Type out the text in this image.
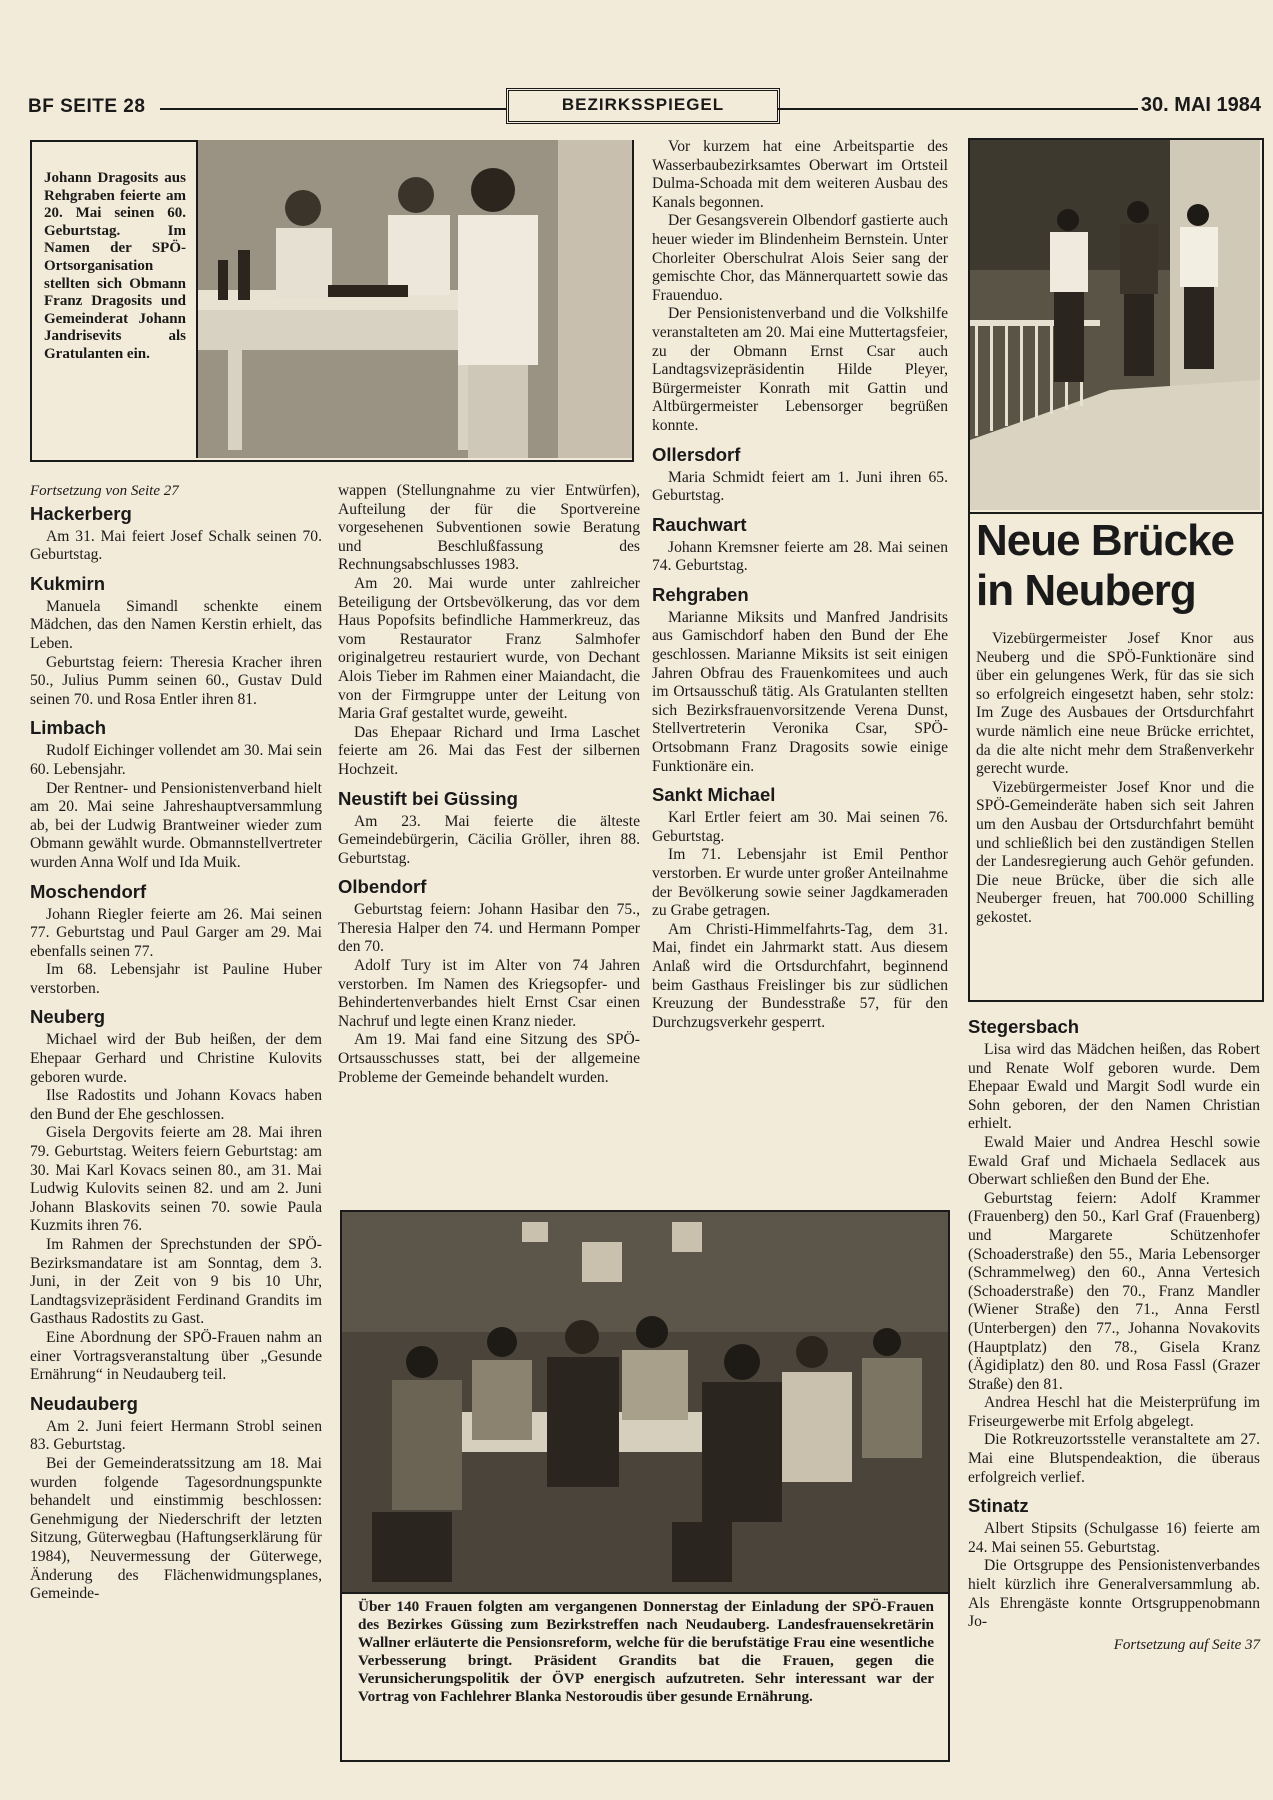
BF SEITE 28	BEZIRKSSPIEGEL	30. MAI 1984
Johann Dragosits aus Rehgraben feierte am 20. Mai seinen 60. Geburtstag. Im Namen der SPÖ-Ortsorganisation stellten sich Obmann Franz Dragosits und Gemeinderat Johann Jandrisevits als Gratulanten ein.

Fortsetzung von Seite 27

Hackerberg

Am 31. Mai feiert Josef Schalk seinen 70. Geburtstag.

Kukmirn

Manuela Simandl schenkte einem Mädchen, das den Namen Kerstin erhielt, das Leben.

Geburtstag feiern: Theresia Kracher ihren 50., Julius Pumm seinen 60., Gustav Duld seinen 70. und Rosa Entler ihren 81.

Limbach

Rudolf Eichinger vollendet am 30. Mai sein 60. Lebensjahr.

Der Rentner- und Pensionistenverband hielt am 20. Mai seine Jahreshauptversammlung ab, bei der Ludwig Brantweiner wieder zum Obmann gewählt wurde. Obmannstellvertreter wurden Anna Wolf und Ida Muik.

Moschendorf

Johann Riegler feierte am 26. Mai seinen 77. Geburtstag und Paul Garger am 29. Mai ebenfalls seinen 77.

Im 68. Lebensjahr ist Pauline Huber verstorben.

Neuberg

Michael wird der Bub heißen, der dem Ehepaar Gerhard und Christine Kulovits geboren wurde.

Ilse Radostits und Johann Kovacs haben den Bund der Ehe geschlossen.

Gisela Dergovits feierte am 28. Mai ihren 79. Geburtstag. Weiters feiern Geburtstag: am 30. Mai Karl Kovacs seinen 80., am 31. Mai Ludwig Kulovits seinen 82. und am 2. Juni Johann Blaskovits seinen 70. sowie Paula Kuzmits ihren 76.

Im Rahmen der Sprechstunden der SPÖ-Bezirksmandatare ist am Sonntag, dem 3. Juni, in der Zeit von 9 bis 10 Uhr, Landtagsvizepräsident Ferdinand Grandits im Gasthaus Radostits zu Gast.

Eine Abordnung der SPÖ-Frauen nahm an einer Vortragsveranstaltung über „Gesunde Ernährung“ in Neudauberg teil.

Neudauberg

Am 2. Juni feiert Hermann Strobl seinen 83. Geburtstag.

Bei der Gemeinderatssitzung am 18. Mai wurden folgende Tagesordnungspunkte behandelt und einstimmig beschlossen: Genehmigung der Niederschrift der letzten Sitzung, Güterwegbau (Haftungserklärung für 1984), Neuvermessung der Güterwege, Änderung des Flächenwidmungsplanes, Gemeinde-

wappen (Stellungnahme zu vier Entwürfen), Aufteilung der für die Sportvereine vorgesehenen Subventionen sowie Beratung und Beschlußfassung des Rechnungsabschlusses 1983.

Am 20. Mai wurde unter zahlreicher Beteiligung der Ortsbevölkerung, das vor dem Haus Popofsits befindliche Hammerkreuz, das vom Restaurator Franz Salmhofer originalgetreu restauriert wurde, von Dechant Alois Tieber im Rahmen einer Maiandacht, die von der Firmgruppe unter der Leitung von Maria Graf gestaltet wurde, geweiht.

Das Ehepaar Richard und Irma Laschet feierte am 26. Mai das Fest der silbernen Hochzeit.

Neustift bei Güssing

Am 23. Mai feierte die älteste Gemeindebürgerin, Cäcilia Gröller, ihren 88. Geburtstag.

Olbendorf

Geburtstag feiern: Johann Hasibar den 75., Theresia Halper den 74. und Hermann Pomper den 70.

Adolf Tury ist im Alter von 74 Jahren verstorben. Im Namen des Kriegsopfer- und Behindertenverbandes hielt Ernst Csar einen Nachruf und legte einen Kranz nieder.

Am 19. Mai fand eine Sitzung des SPÖ-Ortsausschusses statt, bei der allgemeine Probleme der Gemeinde behandelt wurden.

Vor kurzem hat eine Arbeitspartie des Wasserbaubezirksamtes Oberwart im Ortsteil Dulma-Schoada mit dem weiteren Ausbau des Kanals begonnen.

Der Gesangsverein Olbendorf gastierte auch heuer wieder im Blindenheim Bernstein. Unter Chorleiter Oberschulrat Alois Seier sang der gemischte Chor, das Männerquartett sowie das Frauenduo.

Der Pensionistenverband und die Volkshilfe veranstalteten am 20. Mai eine Muttertagsfeier, zu der Obmann Ernst Csar auch Landtagsvizepräsidentin Hilde Pleyer, Bürgermeister Konrath mit Gattin und Altbürgermeister Lebensorger begrüßen konnte.

Ollersdorf

Maria Schmidt feiert am 1. Juni ihren 65. Geburtstag.

Rauchwart

Johann Kremsner feierte am 28. Mai seinen 74. Geburtstag.

Rehgraben

Marianne Miksits und Manfred Jandrisits aus Gamischdorf haben den Bund der Ehe geschlossen. Marianne Miksits ist seit einigen Jahren Obfrau des Frauenkomitees und auch im Ortsausschuß tätig. Als Gratulanten stellten sich Bezirksfrauenvorsitzende Verena Dunst, Stellvertreterin Veronika Csar, SPÖ-Ortsobmann Franz Dragosits sowie einige Funktionäre ein.

Sankt Michael

Karl Ertler feiert am 30. Mai seinen 76. Geburtstag.

Im 71. Lebensjahr ist Emil Penthor verstorben. Er wurde unter großer Anteilnahme der Bevölkerung sowie seiner Jagdkameraden zu Grabe getragen.

Am Christi-Himmelfahrts-Tag, dem 31. Mai, findet ein Jahrmarkt statt. Aus diesem Anlaß wird die Ortsdurchfahrt, beginnend beim Gasthaus Freislinger bis zur südlichen Kreuzung der Bundesstraße 57, für den Durchzugsverkehr gesperrt.

Über 140 Frauen folgten am vergangenen Donnerstag der Einladung der SPÖ-Frauen des Bezirkes Güssing zum Bezirkstreffen nach Neudauberg. Landesfrauensekretärin Wallner erläuterte die Pensionsreform, welche für die berufstätige Frau eine wesentliche Verbesserung bringt. Präsident Grandits bat die Frauen, gegen die Verunsicherungspolitik der ÖVP energisch aufzutreten. Sehr interessant war der Vortrag von Fachlehrer Blanka Nestoroudis über gesunde Ernährung.
Neue Brücke
in Neuberg

Vizebürgermeister Josef Knor aus Neuberg und die SPÖ-Funktionäre sind über ein gelungenes Werk, für das sie sich so erfolgreich eingesetzt haben, sehr stolz: Im Zuge des Ausbaues der Ortsdurchfahrt wurde nämlich eine neue Brücke errichtet, da die alte nicht mehr dem Straßenverkehr gerecht wurde.

Vizebürgermeister Josef Knor und die SPÖ-Gemeinderäte haben sich seit Jahren um den Ausbau der Ortsdurchfahrt bemüht und schließlich bei den zuständigen Stellen der Landesregierung auch Gehör gefunden. Die neue Brücke, über die sich alle Neuberger freuen, hat 700.000 Schilling gekostet.

Stegersbach

Lisa wird das Mädchen heißen, das Robert und Renate Wolf geboren wurde. Dem Ehepaar Ewald und Margit Sodl wurde ein Sohn geboren, der den Namen Christian erhielt.

Ewald Maier und Andrea Heschl sowie Ewald Graf und Michaela Sedlacek aus Oberwart schließen den Bund der Ehe.

Geburtstag feiern: Adolf Krammer (Frauenberg) den 50., Karl Graf (Frauenberg) und Margarete Schützenhofer (Schoaderstraße) den 55., Maria Lebensorger (Schrammelweg) den 60., Anna Vertesich (Schoaderstraße) den 70., Franz Mandler (Wiener Straße) den 71., Anna Ferstl (Unterbergen) den 77., Johanna Novakovits (Hauptplatz) den 78., Gisela Kranz (Ägidiplatz) den 80. und Rosa Fassl (Grazer Straße) den 81.

Andrea Heschl hat die Meisterprüfung im Friseurgewerbe mit Erfolg abgelegt.

Die Rotkreuzortsstelle veranstaltete am 27. Mai eine Blutspendeaktion, die überaus erfolgreich verlief.

Stinatz

Albert Stipsits (Schulgasse 16) feierte am 24. Mai seinen 55. Geburtstag.

Die Ortsgruppe des Pensionistenverbandes hielt kürzlich ihre Generalversammlung ab. Als Ehrengäste konnte Ortsgruppenobmann Jo-

Fortsetzung auf Seite 37
